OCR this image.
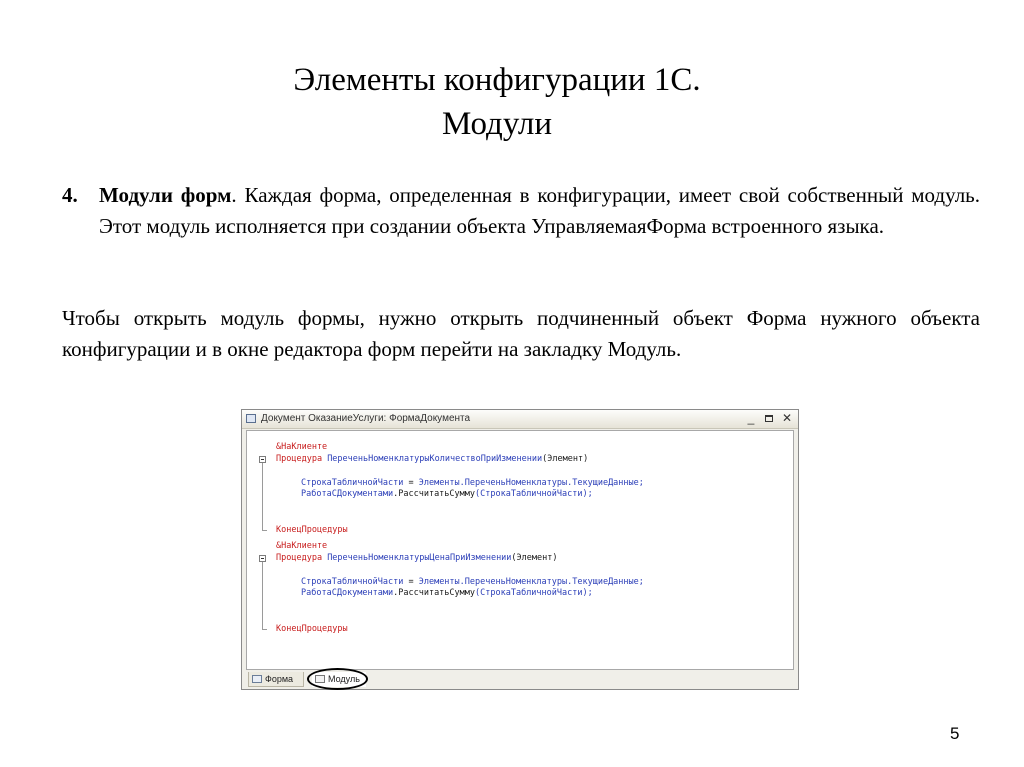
Элементы конфигурации 1С.
Модули
4. Модули форм. Каждая форма, определенная в конфигурации, имеет свой собственный модуль. Этот модуль исполняется при создании объекта УправляемаяФорма встроенного языка.
Чтобы открыть модуль формы, нужно открыть подчиненный объект Форма нужного объекта конфигурации и в окне редактора форм перейти на закладку Модуль.
Документ ОказаниеУслуги: ФормаДокумента	_	✕
&НаКлиенте
Процедура ПереченьНоменклатурыКоличествоПриИзменении(Элемент)
СтрокаТабличнойЧасти = Элементы.ПереченьНоменклатуры.ТекущиеДанные;
РаботаСДокументами.РассчитатьСумму(СтрокаТабличнойЧасти);
КонецПроцедуры
&НаКлиенте
Процедура ПереченьНоменклатурыЦенаПриИзменении(Элемент)
СтрокаТабличнойЧасти = Элементы.ПереченьНоменклатуры.ТекущиеДанные;
РаботаСДокументами.РассчитатьСумму(СтрокаТабличнойЧасти);
КонецПроцедуры
Форма	Модуль
5
